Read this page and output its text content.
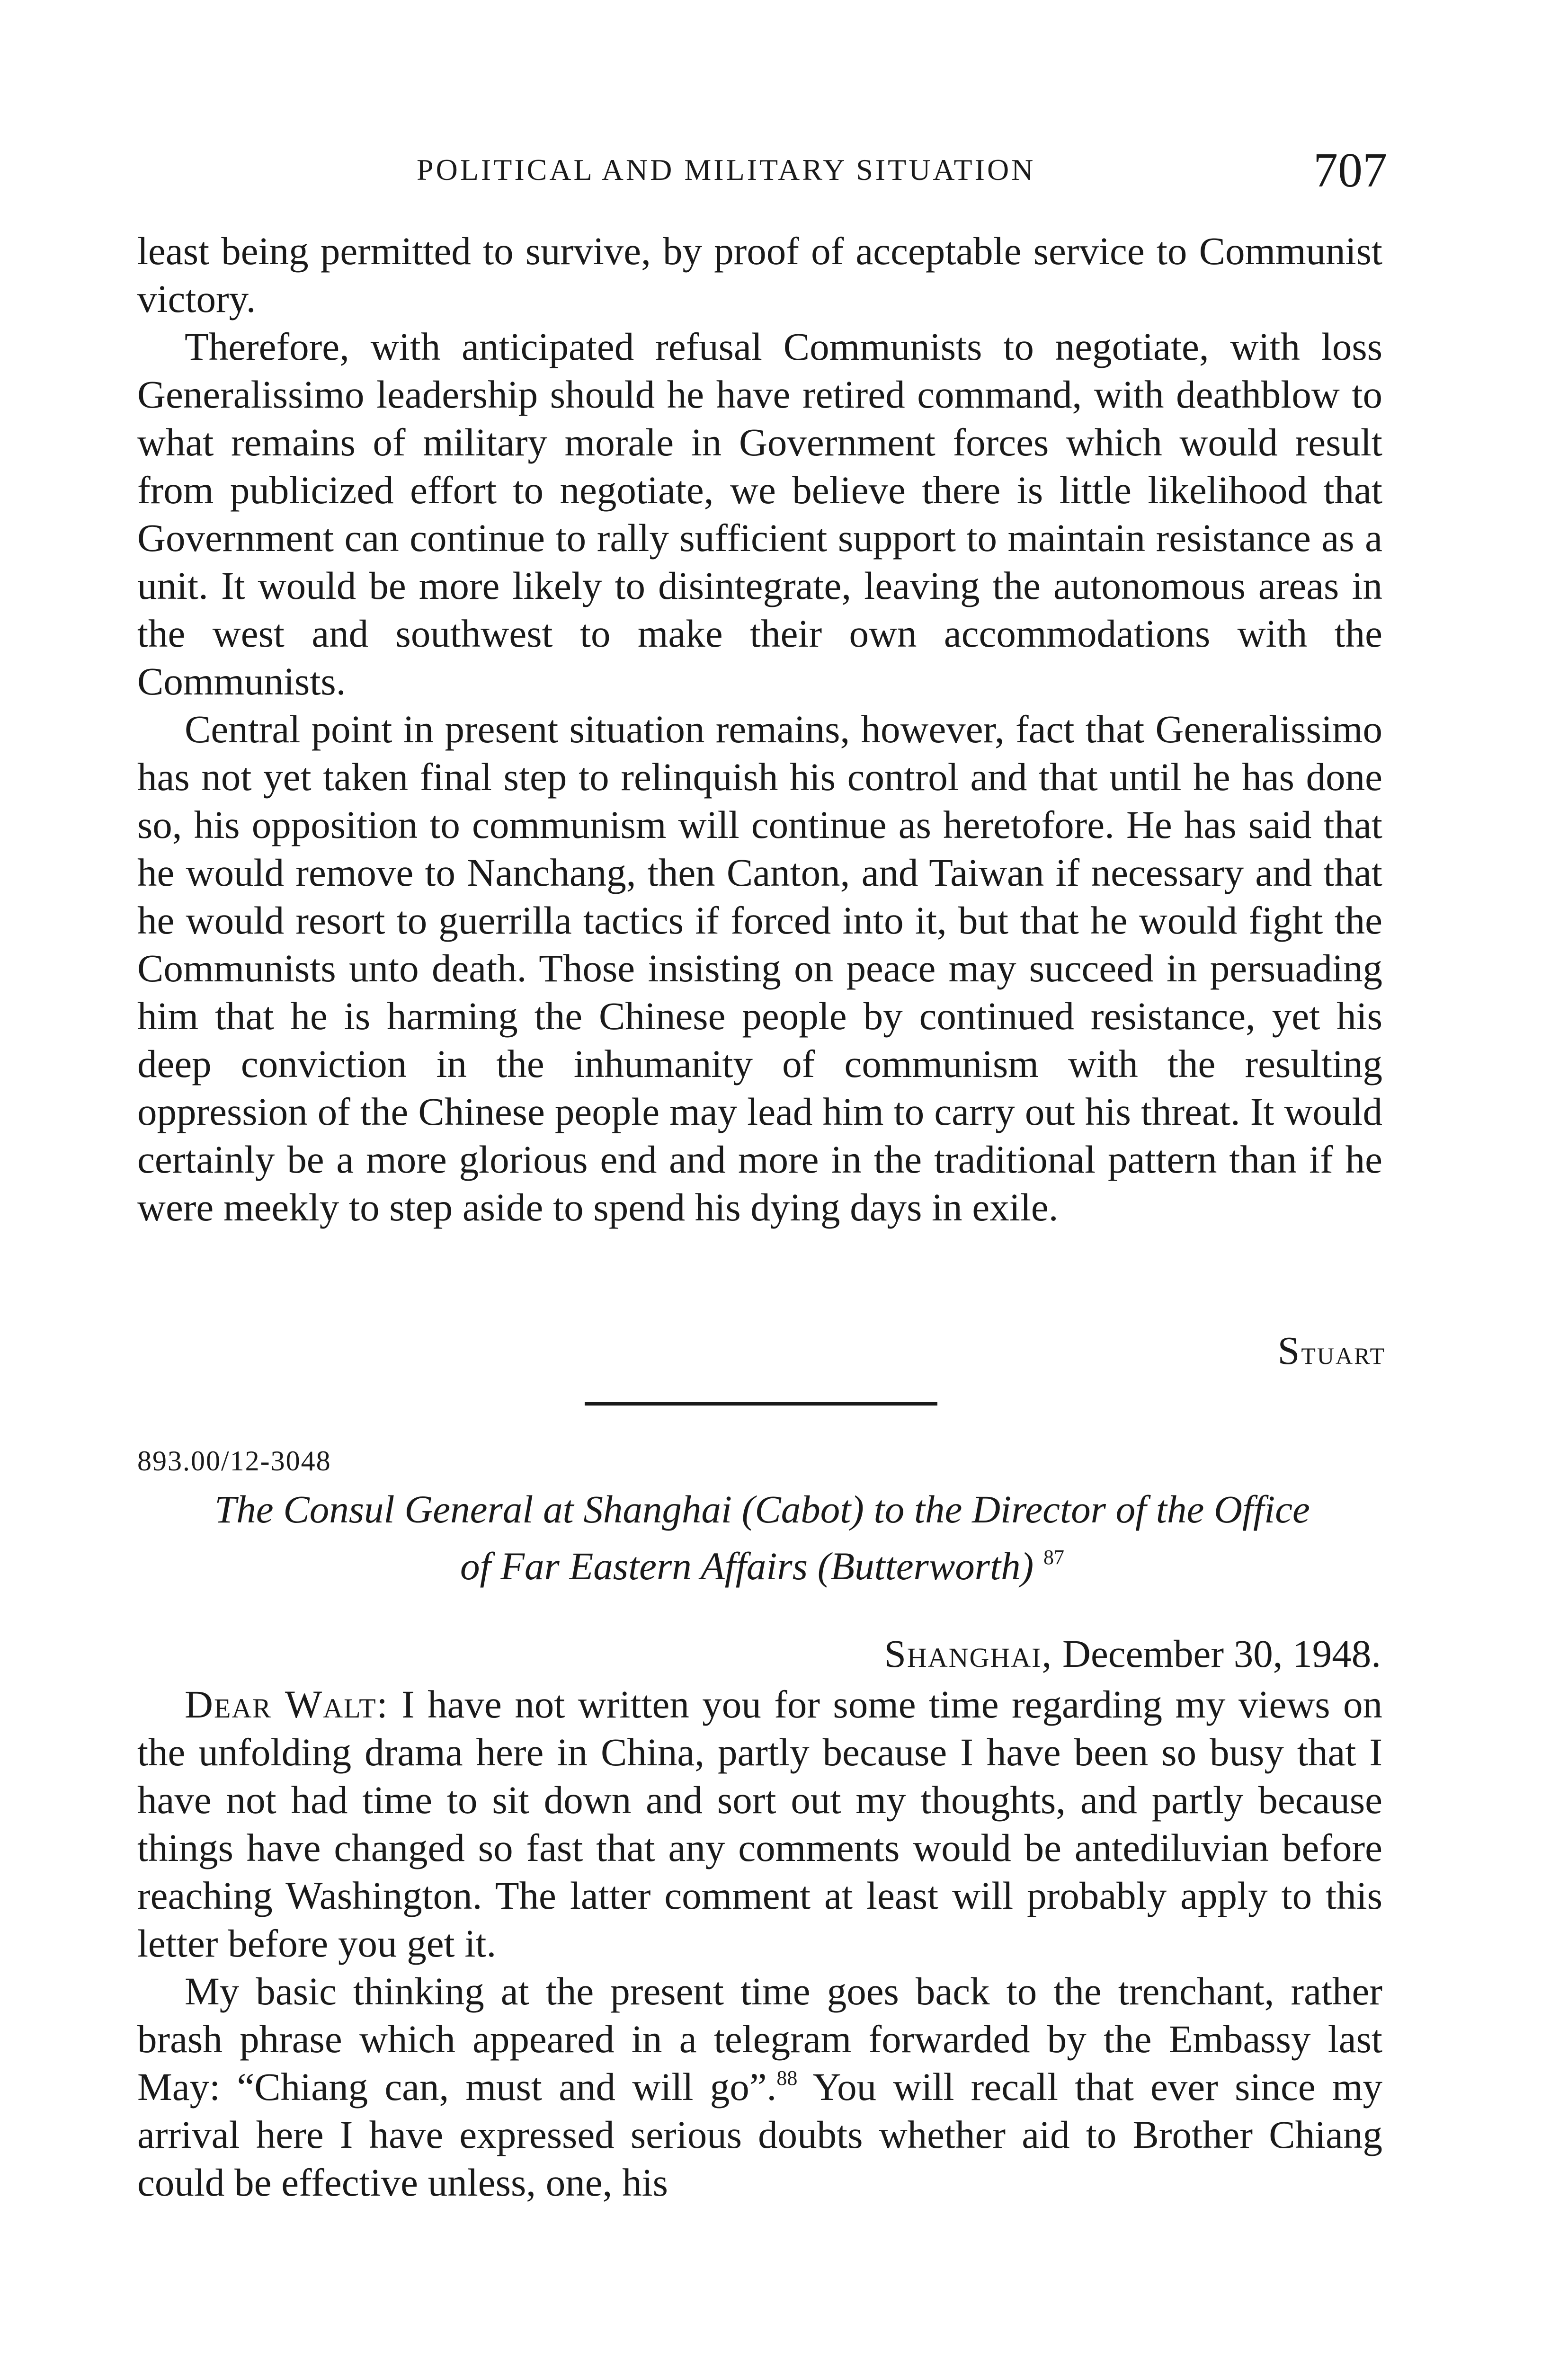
POLITICAL AND MILITARY SITUATION	707

least being permitted to survive, by proof of acceptable service to Communist victory.

Therefore, with anticipated refusal Communists to negotiate, with loss Generalissimo leadership should he have retired command, with deathblow to what remains of military morale in Government forces which would result from publicized effort to negotiate, we believe there is little likelihood that Government can continue to rally sufficient support to maintain resistance as a unit. It would be more likely to disintegrate, leaving the autonomous areas in the west and southwest to make their own accommodations with the Communists.

Central point in present situation remains, however, fact that Generalissimo has not yet taken final step to relinquish his control and that until he has done so, his opposition to communism will continue as heretofore. He has said that he would remove to Nanchang, then Canton, and Taiwan if necessary and that he would resort to guerrilla tactics if forced into it, but that he would fight the Communists unto death. Those insisting on peace may succeed in persuading him that he is harming the Chinese people by continued resistance, yet his deep conviction in the inhumanity of communism with the resulting oppression of the Chinese people may lead him to carry out his threat. It would certainly be a more glorious end and more in the traditional pattern than if he were meekly to step aside to spend his dying days in exile.

Stuart
893.00/12-3048
The Consul General at Shanghai (Cabot) to the Director of the Office
of Far Eastern Affairs (Butterworth) $^{87}$
Shanghai, December 30, 1948.

Dear Walt: I have not written you for some time regarding my views on the unfolding drama here in China, partly because I have been so busy that I have not had time to sit down and sort out my thoughts, and partly because things have changed so fast that any comments would be antediluvian before reaching Washington. The latter comment at least will probably apply to this letter before you get it.

My basic thinking at the present time goes back to the trenchant, rather brash phrase which appeared in a telegram forwarded by the Embassy last May: “Chiang can, must and will go”.$^{88}$ You will recall that ever since my arrival here I have expressed serious doubts whether aid to Brother Chiang could be effective unless, one, his
